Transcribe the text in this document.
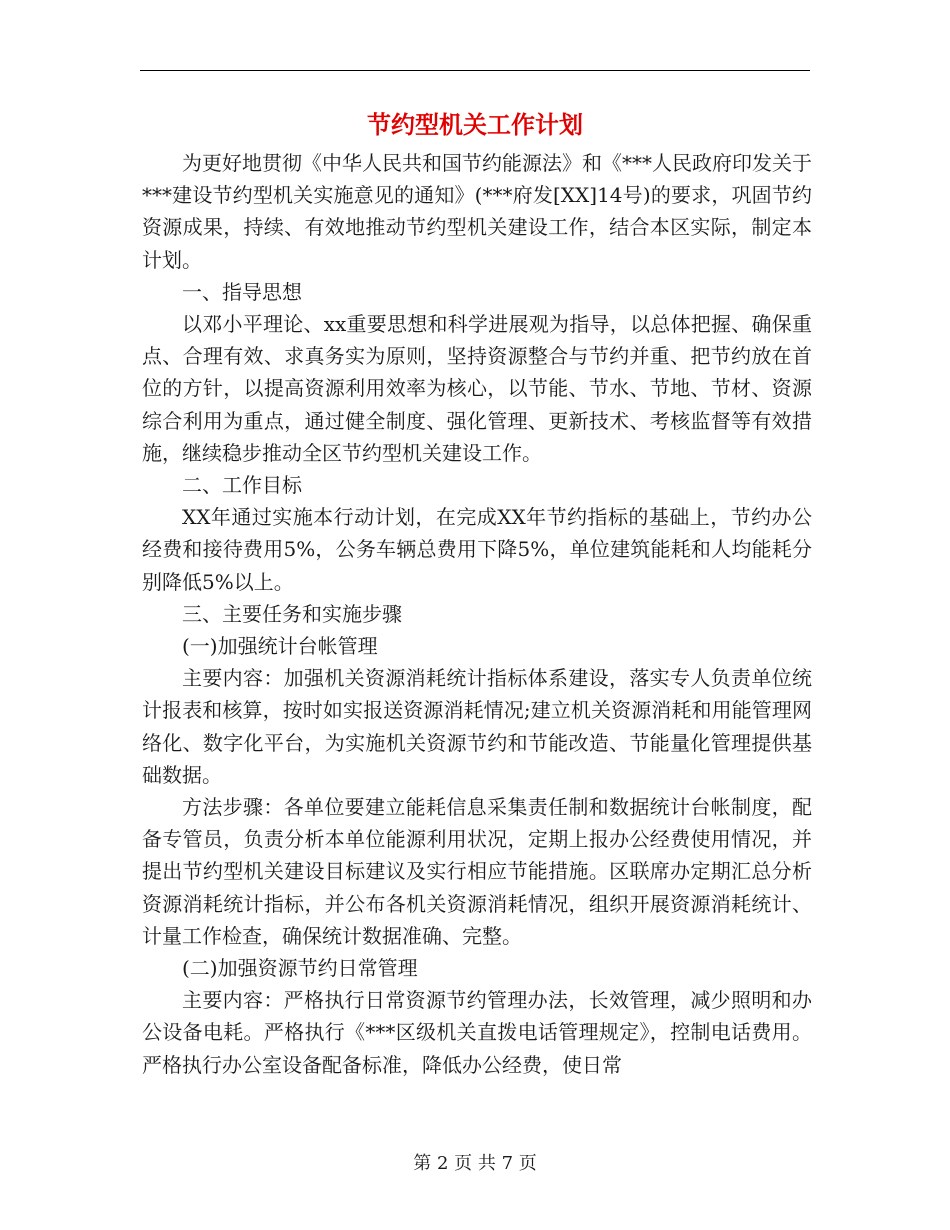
节约型机关工作计划

为更好地贯彻《中华人民共和国节约能源法》和《***人民政府印发关于***建设节约型机关实施意见的通知》(***府发[XX]14号)的要求，巩固节约资源成果，持续、有效地推动节约型机关建设工作，结合本区实际，制定本计划。

一、指导思想

以邓小平理论、xx重要思想和科学进展观为指导，以总体把握、确保重点、合理有效、求真务实为原则，坚持资源整合与节约并重、把节约放在首位的方针，以提高资源利用效率为核心，以节能、节水、节地、节材、资源综合利用为重点，通过健全制度、强化管理、更新技术、考核监督等有效措施，继续稳步推动全区节约型机关建设工作。

二、工作目标

XX年通过实施本行动计划，在完成XX年节约指标的基础上，节约办公经费和接待费用5%，公务车辆总费用下降5%，单位建筑能耗和人均能耗分别降低5%以上。

三、主要任务和实施步骤

(一)加强统计台帐管理

主要内容：加强机关资源消耗统计指标体系建设，落实专人负责单位统计报表和核算，按时如实报送资源消耗情况;建立机关资源消耗和用能管理网络化、数字化平台，为实施机关资源节约和节能改造、节能量化管理提供基础数据。

方法步骤：各单位要建立能耗信息采集责任制和数据统计台帐制度，配备专管员，负责分析本单位能源利用状况，定期上报办公经费使用情况，并提出节约型机关建设目标建议及实行相应节能措施。区联席办定期汇总分析资源消耗统计指标，并公布各机关资源消耗情况，组织开展资源消耗统计、计量工作检查，确保统计数据准确、完整。

(二)加强资源节约日常管理

主要内容：严格执行日常资源节约管理办法，长效管理，减少照明和办公设备电耗。严格执行《***区级机关直拨电话管理规定》，控制电话费用。严格执行办公室设备配备标准，降低办公经费，使日常

第 2 页 共 7 页
